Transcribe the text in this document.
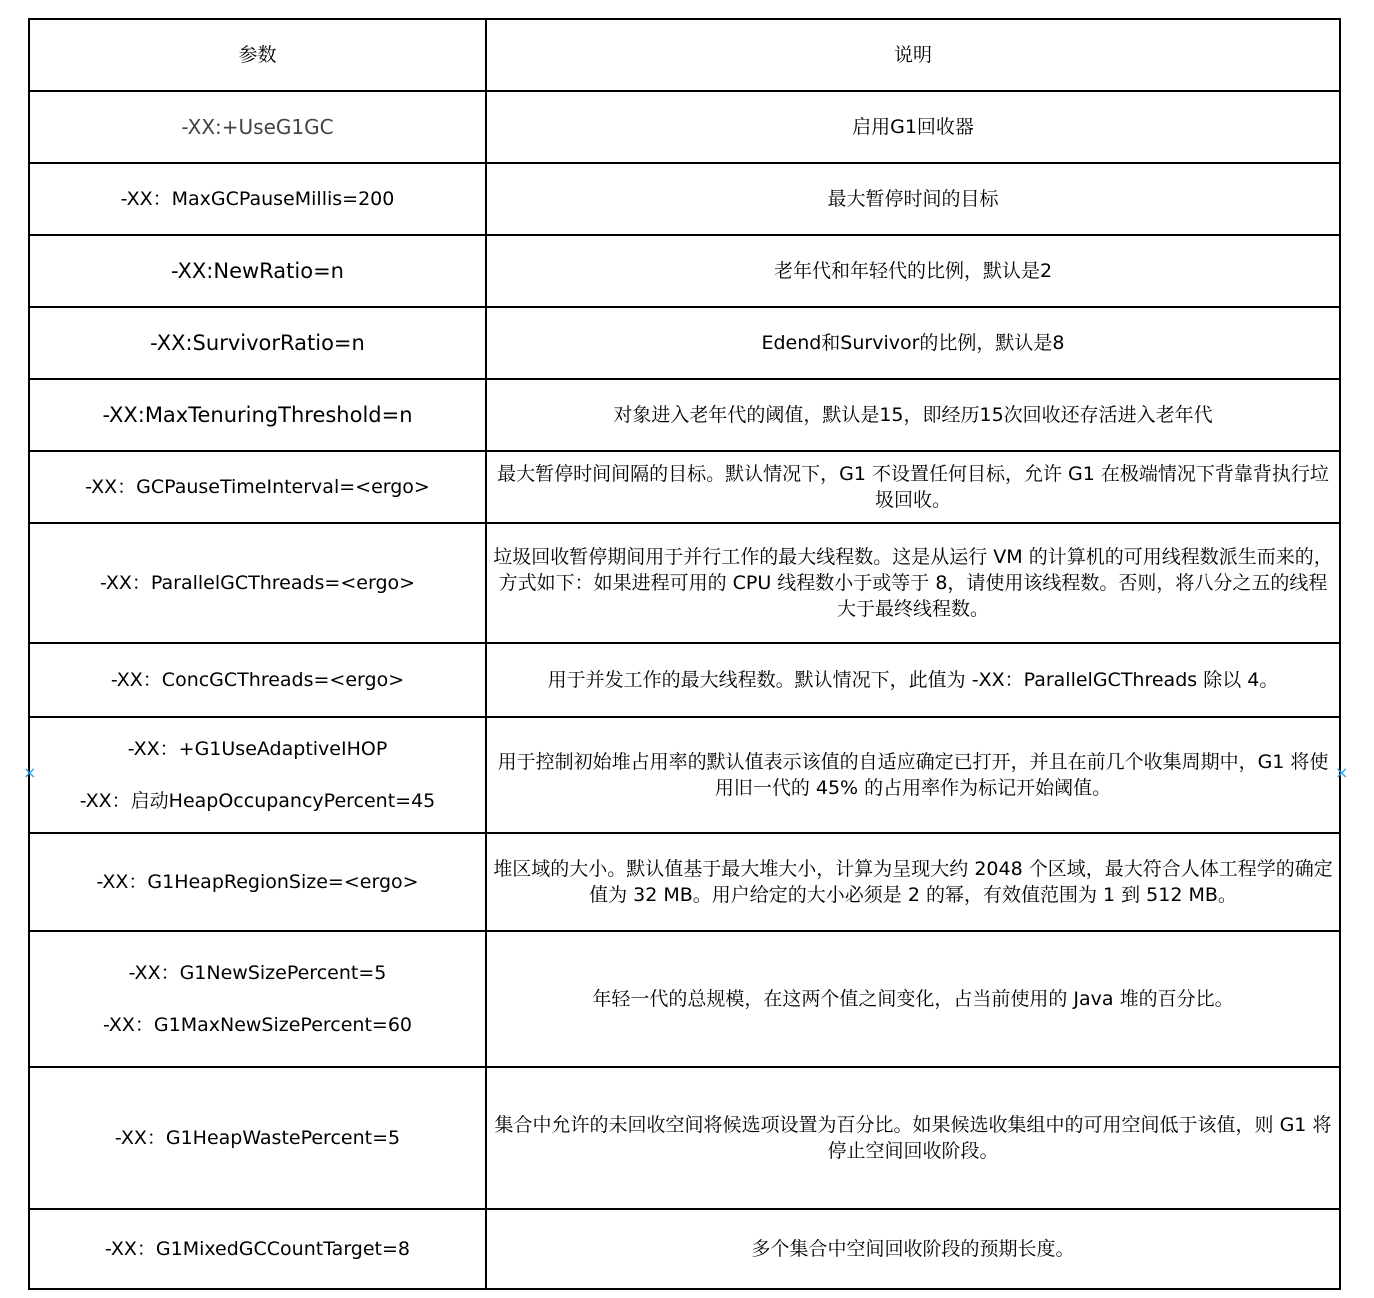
参数	说明

-XX:+UseG1GC	启用G1回收器

-XX：MaxGCPauseMillis=200	最大暂停时间的目标

-XX:NewRatio=n	老年代和年轻代的比例，默认是2

-XX:SurvivorRatio=n	Edend和Survivor的比例，默认是8

-XX:MaxTenuringThreshold=n	对象进入老年代的阈值，默认是15，即经历15次回收还存活进入老年代

-XX：GCPauseTimeInterval=<ergo>	最大暂停时间间隔的目标。默认情况下，G1 不设置任何目标，允许 G1 在极端情况下背靠背执行垃圾回收。

-XX：ParallelGCThreads=<ergo>	垃圾回收暂停期间用于并行工作的最大线程数。这是从运行 VM 的计算机的可用线程数派生而来的，方式如下：如果进程可用的 CPU 线程数小于或等于 8，请使用该线程数。否则，将八分之五的线程大于最终线程数。

-XX：ConcGCThreads=<ergo>	用于并发工作的最大线程数。默认情况下，此值为 -XX：ParallelGCThreads 除以 4。

-XX：+G1UseAdaptiveIHOP
-XX：启动HeapOccupancyPercent=45	用于控制初始堆占用率的默认值表示该值的自适应确定已打开，并且在前几个收集周期中，G1 将使用旧一代的 45% 的占用率作为标记开始阈值。

-XX：G1HeapRegionSize=<ergo>	堆区域的大小。默认值基于最大堆大小，计算为呈现大约 2048 个区域，最大符合人体工程学的确定值为 32 MB。用户给定的大小必须是 2 的幂，有效值范围为 1 到 512 MB。

-XX：G1NewSizePercent=5
-XX：G1MaxNewSizePercent=60	年轻一代的总规模，在这两个值之间变化，占当前使用的 Java 堆的百分比。

-XX：G1HeapWastePercent=5	集合中允许的未回收空间将候选项设置为百分比。如果候选收集组中的可用空间低于该值，则 G1 将停止空间回收阶段。

-XX：G1MixedGCCountTarget=8	多个集合中空间回收阶段的预期长度。
×	×
